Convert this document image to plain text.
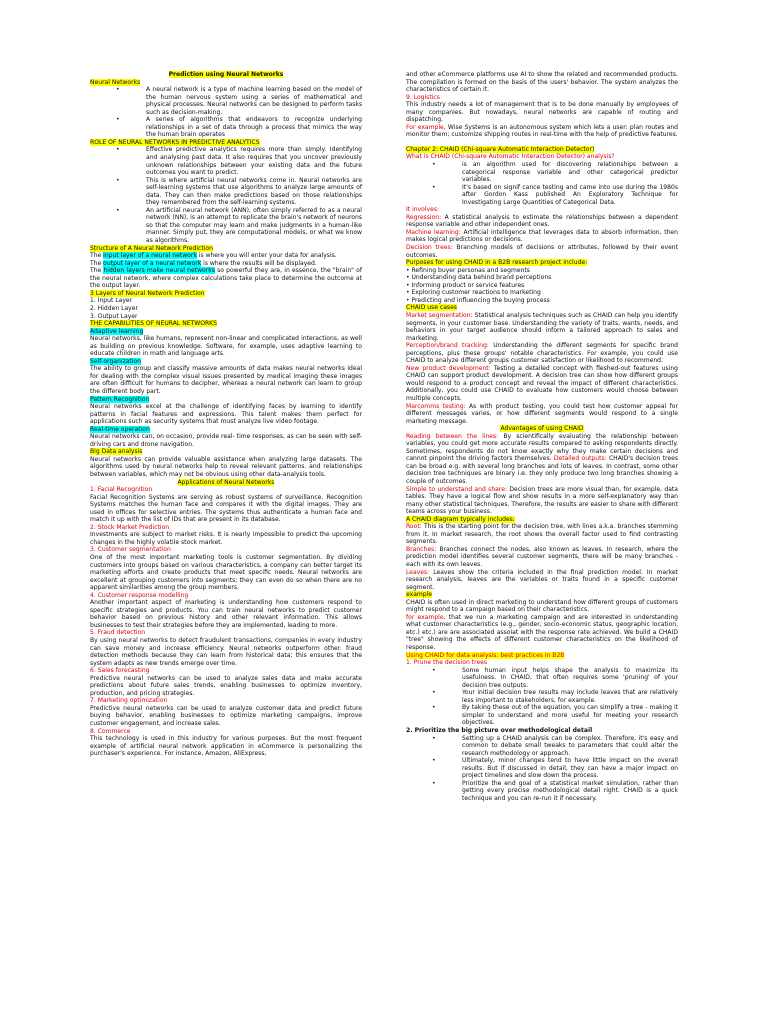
Prediction using Neural Networks

Neural Networks

• A neural network is a type of machine learning based on the model of the human nervous system using a series of mathematical and physical processes. Neural networks can be designed to perform tasks such as decision-making.

• A series of algorithms that endeavors to recognize underlying relationships in a set of data through a process that mimics the way the human brain operates

ROLE OF NEURAL NETWORKS IN PREDICTIVE ANALYTICS

• Effective predictive analytics requires more than simply. Identifying and analysing past data. It also requires that you uncover previously unknown relationships between your existing data and the future outcomes you want to predict.

• This is where artificial neural networks come in. Neural networks are self-learning systems that use algorithms to analyze large amounts of data. They can then make predictions based on those relationships they remembered from the self-learning systems.

• An artificial neural network (ANN), often simply referred to as a neural network (NN), is an attempt to replicate the brain's network of neurons so that the computer may learn and make judgments in a human-like manner. Simply put, they are computational models, or what we know as algorithms.

Structure of A Neural Network Prediction

The input layer of a neural network is where you will enter your data for analysis.

The output layer of a neural network is where the results will be displayed.

The hidden layers make neural networks so powerful they are, in essence, the "brain" of the neural network, where complex calculations take place to determine the outcome at the output layer.

3 Layers of Neural Network Prediction

1. Input Layer

2. Hidden Layer

3. Output Layer

THE CAPABILITIES OF NEURAL NETWORKS

Adaptive learning

Neural networks, like humans, represent non-linear and complicated interactions, as well as building on previous knowledge. Software, for example, uses adaptive learning to educate children in math and language arts.

Self-organization

The ability to group and classify massive amounts of data makes neural networks ideal for dealing with the complex visual issues presented by medical imaging these images are often difficult for humans to decipher, whereas a neural network can learn to group the different body part.

Pattern Recognition

Neural networks excel at the challenge of identifying faces by learning to identify patterns in facial features and expressions. This talent makes them perfect for applications such as security systems that must analyze live video footage.

Real-time operation

Neural networks can, on occasion, provide real- time responses, as can be seen with self- driving cars and drone navigation.

Big Data analysis

Neural networks can provide valuable assistance when analyzing large datasets. The algorithms used by neural networks help to reveal relevant patterns. and relationships between variables, which may not be obvious using other data-analysis tools.

Applications of Neural Networks

1. Facial Recognition

Facial Recognition Systems are serving as robust systems of surveillance. Recognition Systems matches the human face and compares it with the digital images. They are used in offices for selective entries. The systems thus authenticate a human face and match it up with the list of IDs that are present in its database.

2. Stock Market Prediction

Investments are subject to market risks. It is nearly impossible to predict the upcoming changes in the highly volatile stock market.

3. Customer segmentation

One of the most important marketing tools is customer segmentation. By dividing customers into groups based on various characteristics, a company can better target its marketing efforts and create products that meet specific needs. Neural networks are excellent at grouping customers into segments; they can even do so when there are no apparent similarities among the group members.

4. Customer response modelling

Another important aspect of marketing is understanding how customers respond to specific strategies and products. You can train neural networks to predict customer behavior based on previous history and other relevant information. This allows businesses to test their strategies before they are implemented, leading to more.

5. Fraud detection

By using neural networks to detect fraudulent transactions, companies in every industry can save money and increase efficiency. Neural networks outperform other. fraud detection methods because they can learn from historical data; this ensures that the system adapts as new trends emerge over time.

6. Sales forecasting

Predictive neural networks can be used to analyze sales data and make accurate predictions about future sales trends, enabling businesses to optimize inventory, production, and pricing strategies.

7. Marketing optimization

Predictive neural networks can be used to analyze customer data and predict future buying behavior, enabling businesses to optimize marketing campaigns, improve customer engagement, and increase sales.

8. Commerce

This technology is used in this industry for various purposes. But the most frequent example of artificial neural network application in eCommerce is personalizing the purchaser's experience. For instance, Amazon, AliExpress,

and other eCommerce platforms use AI to show the related and recommended products. The compilation is formed on the basis of the users' behavior. The system analyzes the characteristics of certain it.

9. Logistics

This industry needs a lot of management that is to be done manually by employees of many companies. But nowadays, neural networks are capable of routing and dispatching.

For example, Wise Systems is an autonomous system which lets a user: plan routes and monitor them; customize shipping routes in real-time with the help of predictive features.

Chapter 2: CHAID (Chi-square Automatic Interaction Detector)

What is CHAID (Chi-square Automatic Interaction Detector) analysis?

• is an algorithm used for discovering relationships between a categorical response variable and other categorical predictor variables.

• It's based on signif cance testing and came into use during the 1980s after Gordon Kass published An Exploratory Technique for Investigating Large Quantities of Categorical Data.

It involves:

Regression: A statistical analysis to estimate the relationships between a dependent response variable and other independent ones.

Machine learning: Artificial intelligence that leverages data to absorb information, then makes logical predictions or decisions.

Decision trees: Branching models of decisions or attributes, followed by their event outcomes.

Purposes for using CHAID in a B2B research project include:

• Refining buyer personas and segments

• Understanding data behind brand perceptions

• Informing product or service features

• Exploring customer reactions to marketing

• Predicting and influencing the buying process

CHAID use cases

Market segmentation: Statistical analysis techniques such as CHAID can help you identify segments, in your customer base. Understanding the variety of traits, wants, needs, and behaviors in your target audience should inform a tailored approach to sales and marketing.

Perception/brand tracking: Understanding the different segments for specific brand perceptions, plus these groups' notable characteristics. For example, you could use CHAID to analyze different groups customer satisfaction or likelihood to recommend.

New product development: Testing a detailed concept with fleshed-out features using CHAID can support product development. A decision tree can show how different groups would respond to a product concept and reveal the impact of different characteristics. Additionally, you could use CHAID to evaluate how customers would choose between multiple concepts.

Marcomms testing: As with product testing, you could test how customer appeal for different messages varies, or how different segments would respond to a single marketing message.

Advantages of using CHAID

Reading between the lines: By scientifically evaluating the relationship between variables, you could get more accurate results compared to asking respondents directly. Sometimes, respondents do not know exactly why they make certain decisions and cannot pinpoint the driving factors themselves. Detailed outputs: CHAID's decision trees can be broad e.g. with several long branches and lots of leaves. In contrast, some other decision tree techniques are binary i.e. they only produce two long branches showing a couple of outcomes.

Simple to understand and share: Decision trees are more visual than, for example, data tables. They have a logical flow and show results in a more self-explanatory way than many other statistical techniques. Therefore, the results are easier to share with different teams across your business.

A CHAID diagram typically includes:

Root: This is the starting point for the decision tree, with lines a.k.a. branches stemming from it. In market research, the root shows the overall factor used to find contrasting segments.

Branches: Branches connect the nodes, also known as leaves. In research, where the prediction model identifies several customer segments, there will be many branches - each with its own leaves.

Leaves: Leaves show the criteria included in the final prediction model. In market research analysis, leaves are the variables or traits found in a specific customer segment.

example

CHAID is often used in direct marketing to understand how different groups of customers might respond to a campaign based on their characteristics.

for example, that we run a marketing campaign and are interested in understanding what customer characteristics (e.g., gender, socio-economic status, geographic location, etc.) etc.) are are associated assoiat with the response rate achieved. We build a CHAID "tree" showing the effects of different customer characteristics on the likelihood of response.

Using CHAID for data analysis: best practices in B2B

1. Prune the decision trees

• Some human input helps shape the analysis to maximize its usefulness. In CHAID, that often requires some 'pruning' of your decision tree outputs.

• Your initial decision tree results may include leaves that are relatively less important to stakeholders, for example.

• By taking these out of the equation, you can simplify a tree - making it simpler to understand and more useful for meeting your research objectives.

2. Prioritize the big picture over methodological detail

• Setting up a CHAID analysis can be complex. Therefore, it's easy and common to debate small tweaks to parameters that could alter the research methodology or approach.

• Ultimately, minor changes tend to have little impact on the overall results. But if discussed in detail, they can have a major impact on project timelines and slow down the process.

• Prioritize the end goal of a statistical market simulation, rather than getting every precise methodological detail right. CHAID is a quick technique and you can re-run it if necessary.
